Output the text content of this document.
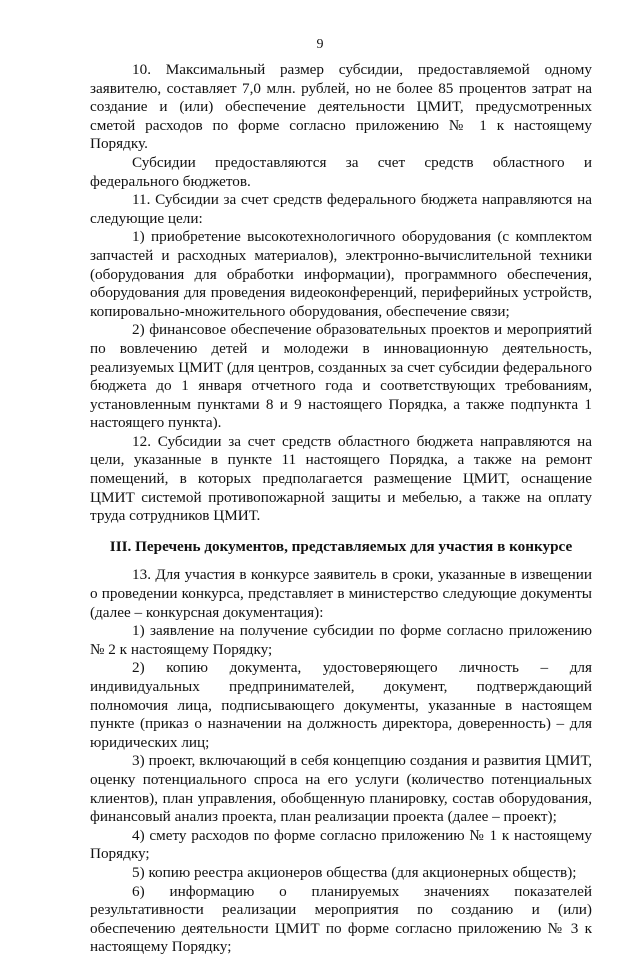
9

10. Максимальный размер субсидии, предоставляемой одному заявителю, составляет 7,0 млн. рублей, но не более 85 процентов затрат на создание и (или) обеспечение деятельности ЦМИТ, предусмотренных сметой расходов по форме согласно приложению № 1 к настоящему Порядку.

Субсидии предоставляются за счет средств областного и федерального бюджетов.

11. Субсидии за счет средств федерального бюджета направляются на следующие цели:

1) приобретение высокотехнологичного оборудования (с комплектом запчастей и расходных материалов), электронно-вычислительной техники (оборудования для обработки информации), программного обеспечения, оборудования для проведения видеоконференций, периферийных устройств, копировально-множительного оборудования, обеспечение связи;

2) финансовое обеспечение образовательных проектов и мероприятий по вовлечению детей и молодежи в инновационную деятельность, реализуемых ЦМИТ (для центров, созданных за счет субсидии федерального бюджета до 1 января отчетного года и соответствующих требованиям, установленным пунктами 8 и 9 настоящего Порядка, а также подпункта 1 настоящего пункта).

12. Субсидии за счет средств областного бюджета направляются на цели, указанные в пункте 11 настоящего Порядка, а также на ремонт помещений, в которых предполагается размещение ЦМИТ, оснащение ЦМИТ системой противопожарной защиты и мебелью, а также на оплату труда сотрудников ЦМИТ.

III. Перечень документов, представляемых для участия в конкурсе

13. Для участия в конкурсе заявитель в сроки, указанные в извещении о проведении конкурса, представляет в министерство следующие документы (далее – конкурсная документация):

1) заявление на получение субсидии по форме согласно приложению № 2 к настоящему Порядку;

2) копию документа, удостоверяющего личность – для индивидуальных предпринимателей, документ, подтверждающий полномочия лица, подписывающего документы, указанные в настоящем пункте (приказ о назначении на должность директора, доверенность) – для юридических лиц;

3) проект, включающий в себя концепцию создания и развития ЦМИТ, оценку потенциального спроса на его услуги (количество потенциальных клиентов), план управления, обобщенную планировку, состав оборудования, финансовый анализ проекта, план реализации проекта (далее – проект);

4) смету расходов по форме согласно приложению № 1 к настоящему Порядку;

5) копию реестра акционеров общества (для акционерных обществ);

6) информацию о планируемых значениях показателей результативности реализации мероприятия по созданию и (или) обеспечению деятельности ЦМИТ по форме согласно приложению № 3 к настоящему Порядку;
